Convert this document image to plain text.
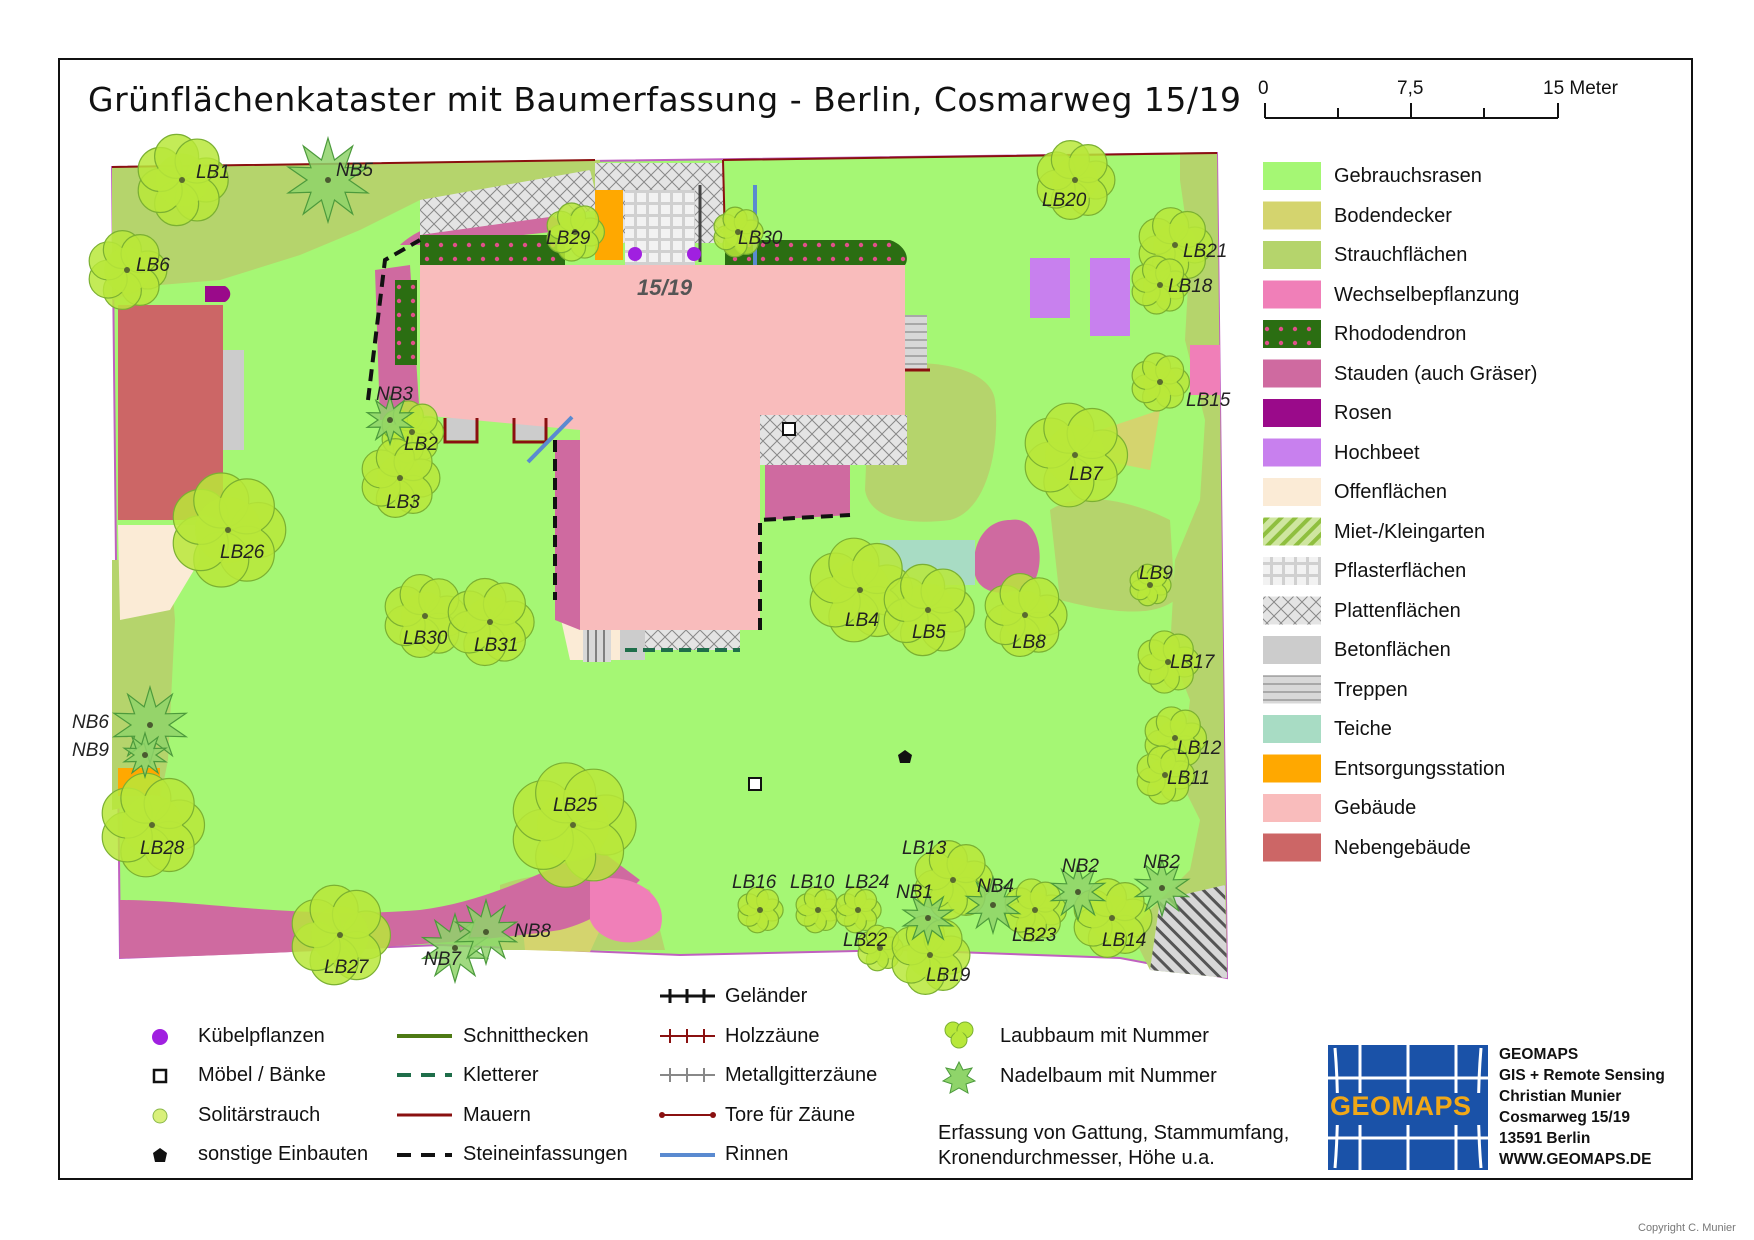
Grünflächenkataster mit Baumerfassung - Berlin, Cosmarweg 15/19 0	7,5	15 Meter
15/19
Gebrauchsrasen
Bodendecker
Strauchflächen
Wechselbepflanzung
Rhododendron
Stauden (auch Gräser)
Rosen
Hochbeet
Offenflächen
Miet-/Kleingarten
Pflasterflächen
Plattenflächen
Betonflächen
Treppen
Teiche
Entsorgungsstation
Gebäude
Nebengebäude
Kübelpflanzen
Möbel / Bänke
Solitärstrauch
sonstige Einbauten
Schnitthecken
Kletterer
Mauern
Steineinfassungen
Geländer
Holzzäune
Metallgitterzäune
Tore für Zäune
Rinnen
Laubbaum mit Nummer
Nadelbaum mit Nummer
Erfassung von Gattung, Stammumfang,
Kronendurchmesser, Höhe u.a.
GEOMAPS
GEOMAPS
GIS + Remote Sensing
Christian Munier
Cosmarweg 15/19
13591 Berlin
WWW.GEOMAPS.DE
Copyright C. Munier
LB1
LB2
LB3
LB4
LB5
LB6
LB7
LB8
LB9
LB10
LB11
LB12
LB13
LB14
LB15
LB16
LB17
LB18
LB19
LB20
LB21
LB22	LB23
LB24
LB25
LB26
LB27
LB28
LB29
LB30
LB30
LB31
NB1
NB2 NB2
NB3
NB4
NB5
NB6
NB7
NB8
NB9
